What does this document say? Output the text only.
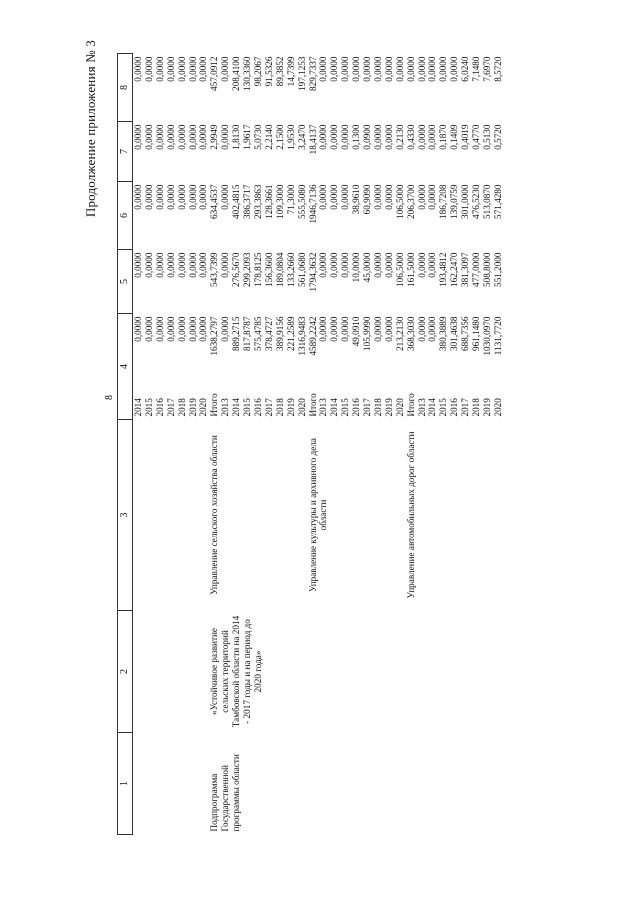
Продолжение приложения № 3
			8					
1	2	3	4		5	6	7	8
Подпрограмма Государственной программы области	«Устойчивое развитие сельских территорий Тамбовской области на 2014 - 2017 годы и на период до 2020 года»		2014	0,0000	0,0000	0,0000	0,0000	0,0000
			2015	0,0000	0,0000	0,0000	0,0000	0,0000
			2016	0,0000	0,0000	0,0000	0,0000	0,0000
			2017	0,0000	0,0000	0,0000	0,0000	0,0000
			2018	0,0000	0,0000	0,0000	0,0000	0,0000
			2019	0,0000	0,0000	0,0000	0,0000	0,0000
			2020	0,0000	0,0000	0,0000	0,0000	0,0000
		Управление сельского хозяйства области	Итого	1638,2797	543,7399	634,4537	2,9949	457,0912
			2013	0,0000	0,0000	0,0000	0,0000	0,0000
			2014	889,2715	276,5670	402,4815	1,8130	208,4100
			2015	817,8787	299,2093	386,3717	1,9617	130,3360
			2016	575,4785	178,8125	293,3863	5,0730	98,2067
			2017	378,4727	156,3600	128,3661	2,2140	91,5326
			2018	389,9156	189,0804	109,3000	2,1500	89,3852
			2019	221,2589	133,2660	71,3000	1,9530	14,7399
			2020	1316,9483	561,0680	555,5080	3,2470	197,1253
		Управление культуры и архивного дела области	Итого	4589,2242	1794,3632	1946,7136	18,4137	829,7337
			2013	0,0000	0,0000	0,0000	0,0000	0,0000
			2014	0,0000	0,0000	0,0000	0,0000	0,0000
			2015	0,0000	0,0000	0,0000	0,0000	0,0000
			2016	49,0910	10,0000	38,9610	0,1300	0,0000
			2017	105,9990	45,0000	60,9090	0,0900	0,0000
			2018	0,0000	0,0000	0,0000	0,0000	0,0000
			2019	0,0000	0,0000	0,0000	0,0000	0,0000
			2020	213,2130	106,5000	106,5000	0,2130	0,0000
		Управление автомобильных дорог области	Итого	368,3030	161,5000	206,3700	0,4330	0,0000
			2013	0,0000	0,0000	0,0000	0,0000	0,0000
			2014	0,0000	0,0000	0,0000	0,0000	0,0000
			2015	380,3889	193,4812	186,7208	0,1870	0,0000
			2016	301,4638	162,2470	139,0759	0,1409	0,0000
			2017	688,7356	381,3097	301,0000	0,4019	6,0240
			2018	961,1480	477,0000	476,5230	0,4770	7,1480
			2019	1030,0970	508,8000	513,0870	0,5130	7,6970
			2020	1131,7720	551,2000	571,4280	0,5720	8,5720
